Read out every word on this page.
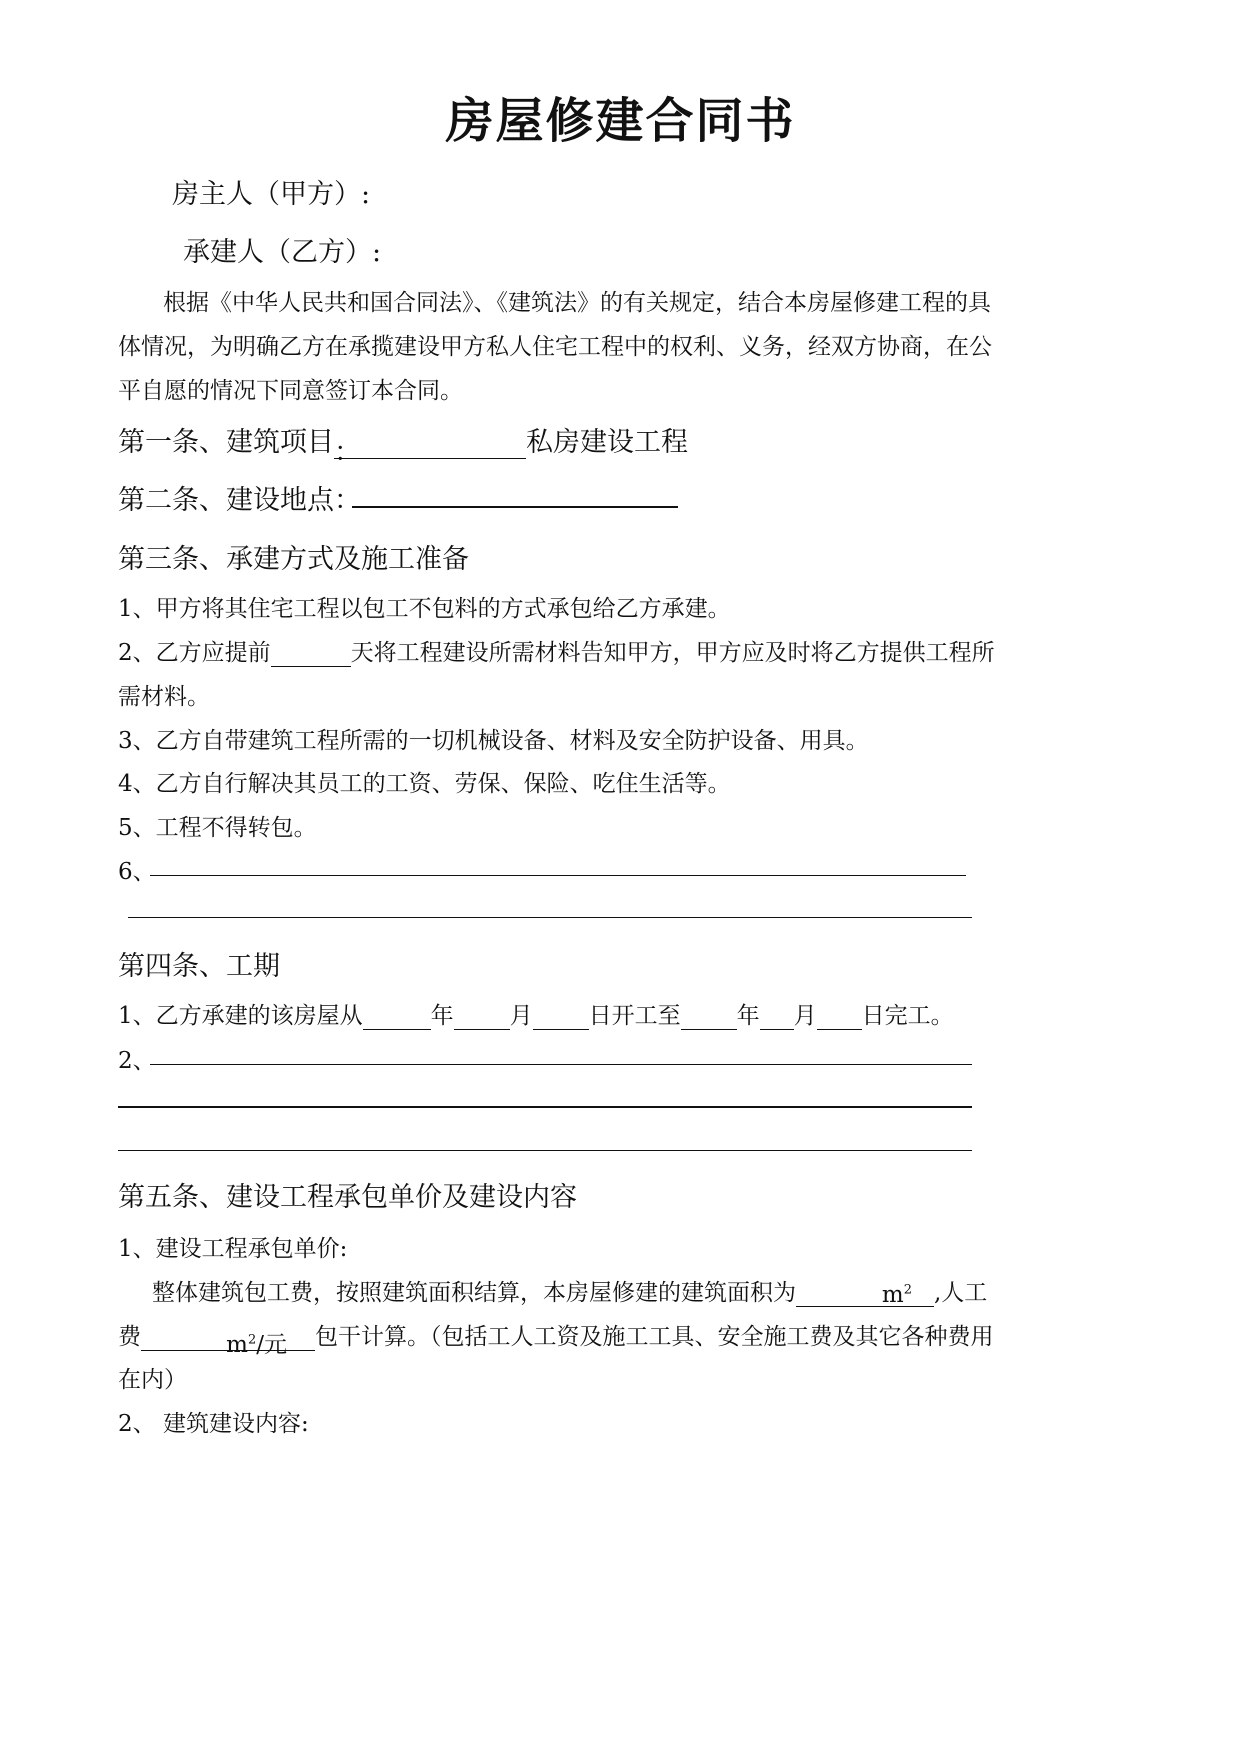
房屋修建合同书
房主人（甲方）:
承建人（乙方）:
根据《中华人民共和国合同法》、《建筑法》的有关规定，结合本房屋修建工程的具
体情况，为明确乙方在承揽建设甲方私人住宅工程中的权利、义务，经双方协商，在公
平自愿的情况下同意签订本合同。
第一条、建筑项目：	私房建设工程
第二条、建设地点：
第三条、承建方式及施工准备
1、甲方将其住宅工程以包工不包料的方式承包给乙方承建。
2、乙方应提前	天将工程建设所需材料告知甲方，甲方应及时将乙方提供工程所
需材料。
3、乙方自带建筑工程所需的一切机械设备、材料及安全防护设备、用具。
4、乙方自行解决其员工的工资、劳保、保险、吃住生活等。
5、工程不得转包。
6、
第四条、工期
1、乙方承建的该房屋从	年 月 日开工至 年 月 日完工。
2、
第五条、建设工程承包单价及建设内容
1、建设工程承包单价:
整体建筑包工费，按照建筑面积结算，本房屋修建的建筑面积为	$m^2$ ,人工
费	$m^2/$元 包干计算。（包括工人工资及施工工具、安全施工费及其它各种费用
在内）
2、 建筑建设内容:
